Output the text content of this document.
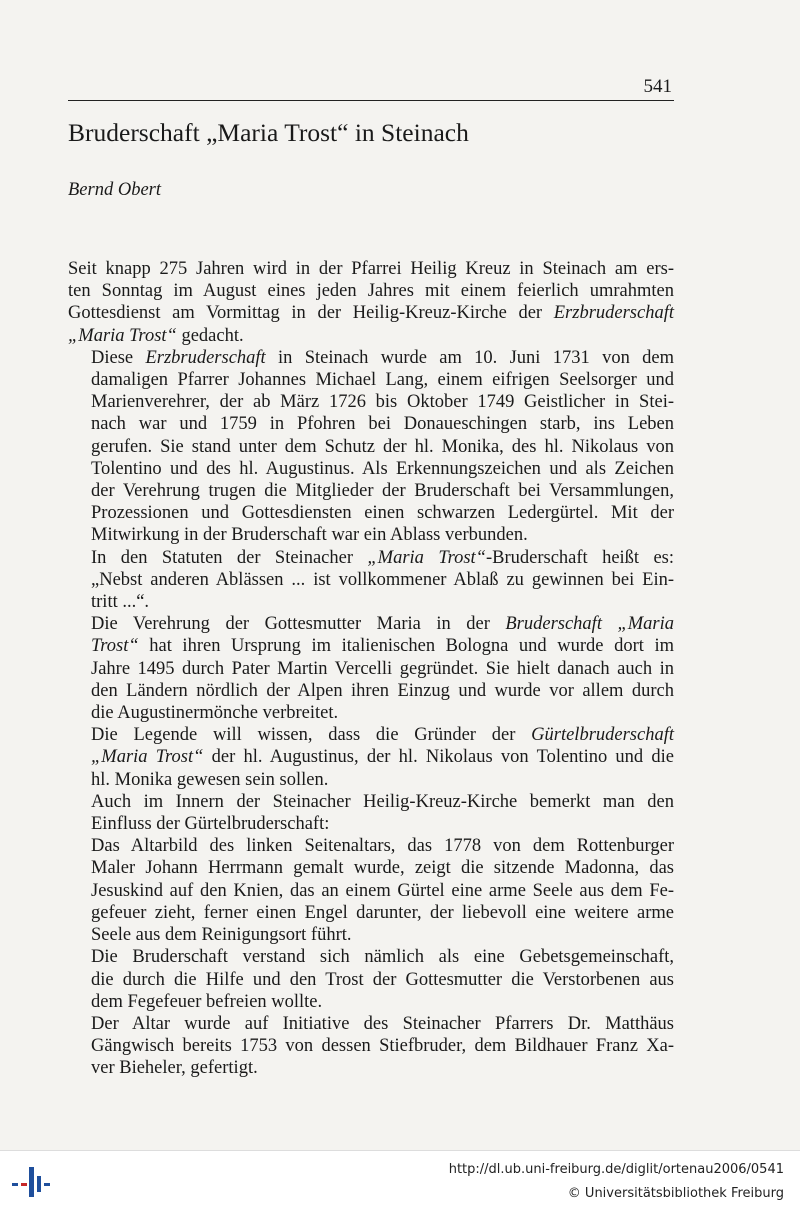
541
Bruderschaft „Maria Trost“ in Steinach

Bernd Obert

Seit knapp 275 Jahren wird in der Pfarrei Heilig Kreuz in Steinach am ers-
ten Sonntag im August eines jeden Jahres mit einem feierlich umrahmten
Gottesdienst am Vormittag in der Heilig-Kreuz-Kirche der Erzbruderschaft
„Maria Trost“ gedacht.
Diese Erzbruderschaft in Steinach wurde am 10. Juni 1731 von dem
damaligen Pfarrer Johannes Michael Lang, einem eifrigen Seelsorger und
Marienverehrer, der ab März 1726 bis Oktober 1749 Geistlicher in Stei-
nach war und 1759 in Pfohren bei Donaueschingen starb, ins Leben
gerufen. Sie stand unter dem Schutz der hl. Monika, des hl. Nikolaus von
Tolentino und des hl. Augustinus. Als Erkennungszeichen und als Zeichen
der Verehrung trugen die Mitglieder der Bruderschaft bei Versammlungen,
Prozessionen und Gottesdiensten einen schwarzen Ledergürtel. Mit der
Mitwirkung in der Bruderschaft war ein Ablass verbunden.
In den Statuten der Steinacher „Maria Trost“-Bruderschaft heißt es:
„Nebst anderen Ablässen ... ist vollkommener Ablaß zu gewinnen bei Ein-
tritt ...“.
Die Verehrung der Gottesmutter Maria in der Bruderschaft „Maria
Trost“ hat ihren Ursprung im italienischen Bologna und wurde dort im
Jahre 1495 durch Pater Martin Vercelli gegründet. Sie hielt danach auch in
den Ländern nördlich der Alpen ihren Einzug und wurde vor allem durch
die Augustinermönche verbreitet.
Die Legende will wissen, dass die Gründer der Gürtelbruderschaft
„Maria Trost“ der hl. Augustinus, der hl. Nikolaus von Tolentino und die
hl. Monika gewesen sein sollen.
Auch im Innern der Steinacher Heilig-Kreuz-Kirche bemerkt man den
Einfluss der Gürtelbruderschaft:
Das Altarbild des linken Seitenaltars, das 1778 von dem Rottenburger
Maler Johann Herrmann gemalt wurde, zeigt die sitzende Madonna, das
Jesuskind auf den Knien, das an einem Gürtel eine arme Seele aus dem Fe-
gefeuer zieht, ferner einen Engel darunter, der liebevoll eine weitere arme
Seele aus dem Reinigungsort führt.
Die Bruderschaft verstand sich nämlich als eine Gebetsgemeinschaft,
die durch die Hilfe und den Trost der Gottesmutter die Verstorbenen aus
dem Fegefeuer befreien wollte.
Der Altar wurde auf Initiative des Steinacher Pfarrers Dr. Matthäus
Gängwisch bereits 1753 von dessen Stiefbruder, dem Bildhauer Franz Xa-
ver Bieheler, gefertigt.
http://dl.ub.uni-freiburg.de/diglit/ortenau2006/0541
© Universitätsbibliothek Freiburg
